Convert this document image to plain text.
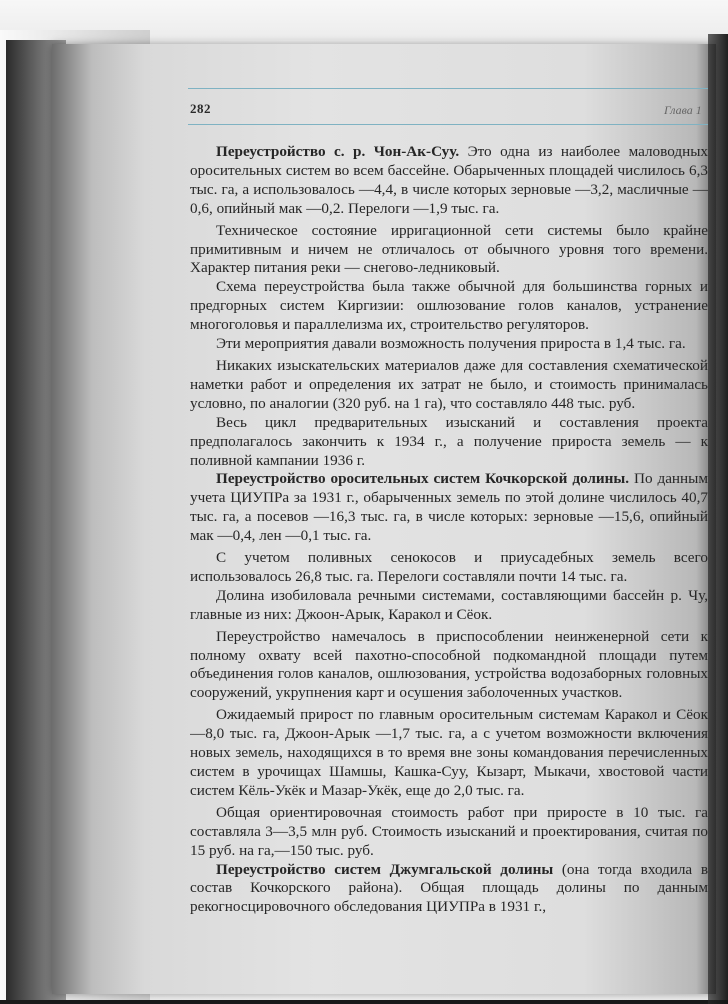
282	Глава 1

Переустройство с. р. Чон-Ак-Суу. Это одна из наиболее маловодных оросительных систем во всем бассейне. Обарыченных площадей числилось 6,3 тыс. га, а использовалось —4,4, в числе которых зерновые —3,2, масличные —0,6, опийный мак —0,2. Перелоги —1,9 тыс. га.

Техническое состояние ирригационной сети системы было крайне примитивным и ничем не отличалось от обычного уровня того времени. Характер питания реки — снегово-ледниковый.

Схема переустройства была также обычной для большинства горных и предгорных систем Киргизии: ошлюзование голов каналов, устранение многоголовья и параллелизма их, строительство регуляторов.

Эти мероприятия давали возможность получения прироста в 1,4 тыс. га.

Никаких изыскательских материалов даже для составления схематической наметки работ и определения их затрат не было, и стоимость принималась условно, по аналогии (320 руб. на 1 га), что составляло 448 тыс. руб.

Весь цикл предварительных изысканий и составления проекта предполагалось закончить к 1934 г., а получение прироста земель — к поливной кампании 1936 г.

Переустройство оросительных систем Кочкорской долины. По данным учета ЦИУПРа за 1931 г., обарыченных земель по этой долине числилось 40,7 тыс. га, а посевов —16,3 тыс. га, в числе которых: зерновые —15,6, опийный мак —0,4, лен —0,1 тыс. га.

С учетом поливных сенокосов и приусадебных земель всего использовалось 26,8 тыс. га. Перелоги составляли почти 14 тыс. га.

Долина изобиловала речными системами, составляющими бассейн р. Чу, главные из них: Джоон-Арык, Каракол и Сёок.

Переустройство намечалось в приспособлении неинженерной сети к полному охвату всей пахотно-способной подкомандной площади путем объединения голов каналов, ошлюзования, устройства водозаборных головных сооружений, укрупнения карт и осушения заболоченных участков.

Ожидаемый прирост по главным оросительным системам Каракол и Сёок —8,0 тыс. га, Джоон-Арык —1,7 тыс. га, а с учетом возможности включения новых земель, находящихся в то время вне зоны командования перечисленных систем в урочищах Шамшы, Кашка-Суу, Кызарт, Мыкачи, хвостовой части систем Кёль-Укёк и Мазар-Укёк, еще до 2,0 тыс. га.

Общая ориентировочная стоимость работ при приросте в 10 тыс. га составляла 3—3,5 млн руб. Стоимость изысканий и проектирования, считая по 15 руб. на га,—150 тыс. руб.

Переустройство систем Джумгальской долины (она тогда входила в состав Кочкорского района). Общая площадь долины по данным рекогносцировочного обследования ЦИУПРа в 1931 г.,
